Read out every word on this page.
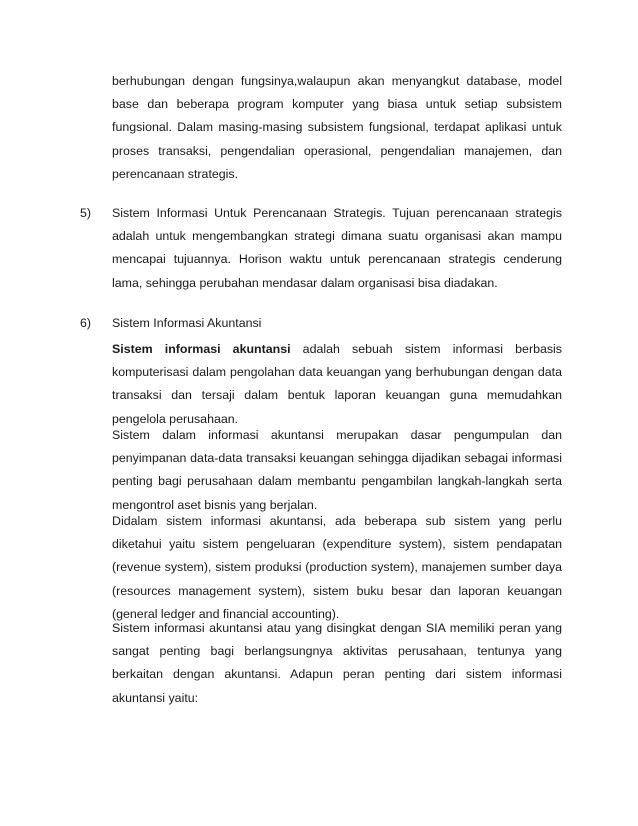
berhubungan dengan fungsinya,walaupun akan menyangkut database, model base dan beberapa program komputer yang biasa untuk setiap subsistem fungsional. Dalam masing-masing subsistem fungsional, terdapat aplikasi untuk proses transaksi, pengendalian operasional, pengendalian manajemen, dan perencanaan strategis.

5) Sistem Informasi Untuk Perencanaan Strategis. Tujuan perencanaan strategis adalah untuk mengembangkan strategi dimana suatu organisasi akan mampu mencapai tujuannya. Horison waktu untuk perencanaan strategis cenderung lama, sehingga perubahan mendasar dalam organisasi bisa diadakan.

6) Sistem Informasi Akuntansi

Sistem informasi akuntansi adalah sebuah sistem informasi berbasis komputerisasi dalam pengolahan data keuangan yang berhubungan dengan data transaksi dan tersaji dalam bentuk laporan keuangan guna memudahkan pengelola perusahaan.

Sistem dalam informasi akuntansi merupakan dasar pengumpulan dan penyimpanan data-data transaksi keuangan sehingga dijadikan sebagai informasi penting bagi perusahaan dalam membantu pengambilan langkah-langkah serta mengontrol aset bisnis yang berjalan.

Didalam sistem informasi akuntansi, ada beberapa sub sistem yang perlu diketahui yaitu sistem pengeluaran (expenditure system), sistem pendapatan (revenue system), sistem produksi (production system), manajemen sumber daya (resources management system), sistem buku besar dan laporan keuangan (general ledger and financial accounting).

Sistem informasi akuntansi atau yang disingkat dengan SIA memiliki peran yang sangat penting bagi berlangsungnya aktivitas perusahaan, tentunya yang berkaitan dengan akuntansi. Adapun peran penting dari sistem informasi akuntansi yaitu:
